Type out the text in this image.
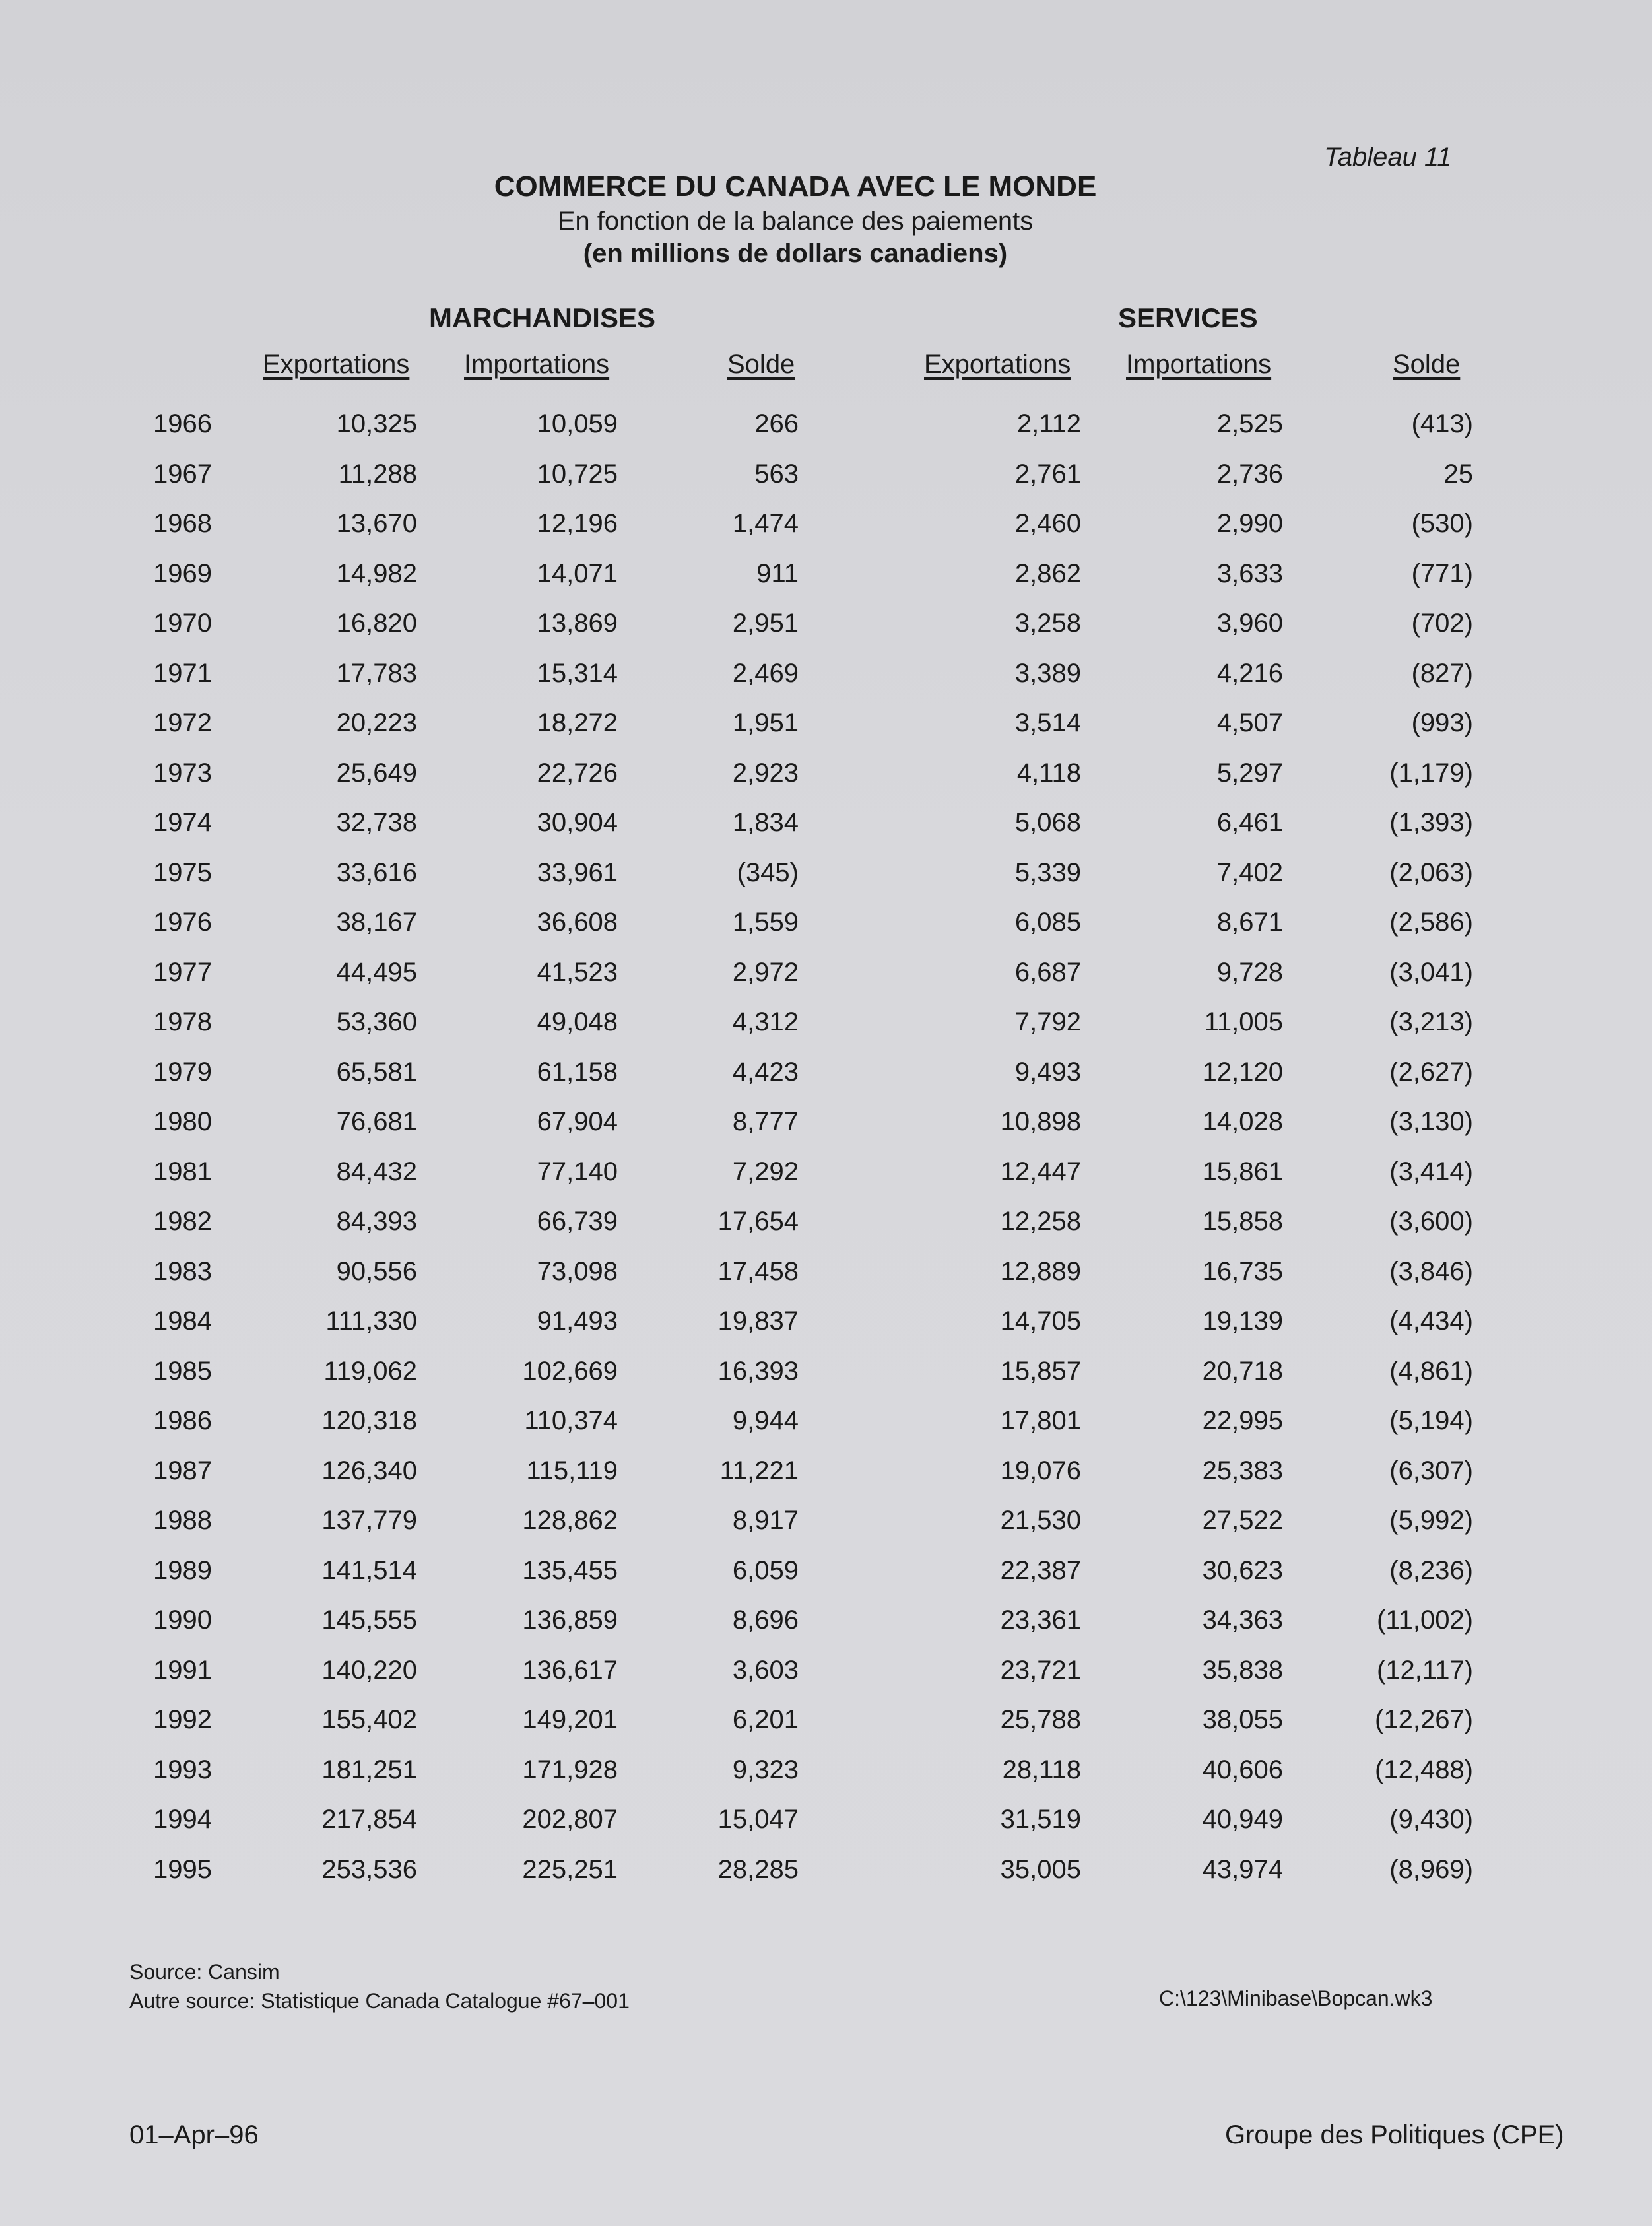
Tableau 11
COMMERCE DU CANADA AVEC LE MONDE
En fonction de la balance des paiements
(en millions de dollars canadiens)
MARCHANDISES	SERVICES
Exportations Importations	Solde	Exportations Importations	Solde
1966	10,325	10,059	266	2,112	2,525	(413)
1967	11,288	10,725	563	2,761	2,736	25
1968	13,670	12,196	1,474	2,460	2,990	(530)
1969	14,982	14,071	911	2,862	3,633	(771)
1970	16,820	13,869	2,951	3,258	3,960	(702)
1971	17,783	15,314	2,469	3,389	4,216	(827)
1972	20,223	18,272	1,951	3,514	4,507	(993)
1973	25,649	22,726	2,923	4,118	5,297	(1,179)
1974	32,738	30,904	1,834	5,068	6,461	(1,393)
1975	33,616	33,961	(345)	5,339	7,402	(2,063)
1976	38,167	36,608	1,559	6,085	8,671	(2,586)
1977	44,495	41,523	2,972	6,687	9,728	(3,041)
1978	53,360	49,048	4,312	7,792	11,005	(3,213)
1979	65,581	61,158	4,423	9,493	12,120	(2,627)
1980	76,681	67,904	8,777	10,898	14,028	(3,130)
1981	84,432	77,140	7,292	12,447	15,861	(3,414)
1982	84,393	66,739	17,654	12,258	15,858	(3,600)
1983	90,556	73,098	17,458	12,889	16,735	(3,846)
1984	111,330	91,493	19,837	14,705	19,139	(4,434)
1985	119,062	102,669	16,393	15,857	20,718	(4,861)
1986	120,318	110,374	9,944	17,801	22,995	(5,194)
1987	126,340	115,119	11,221	19,076	25,383	(6,307)
1988	137,779	128,862	8,917	21,530	27,522	(5,992)
1989	141,514	135,455	6,059	22,387	30,623	(8,236)
1990	145,555	136,859	8,696	23,361	34,363	(11,002)
1991	140,220	136,617	3,603	23,721	35,838	(12,117)
1992	155,402	149,201	6,201	25,788	38,055	(12,267)
1993	181,251	171,928	9,323	28,118	40,606	(12,488)
1994	217,854	202,807	15,047	31,519	40,949	(9,430)
1995	253,536	225,251	28,285	35,005	43,974	(8,969)
Source: Cansim
Autre source: Statistique Canada Catalogue #67–001	C:\123\Minibase\Bopcan.wk3
01–Apr–96	Groupe des Politiques (CPE)
